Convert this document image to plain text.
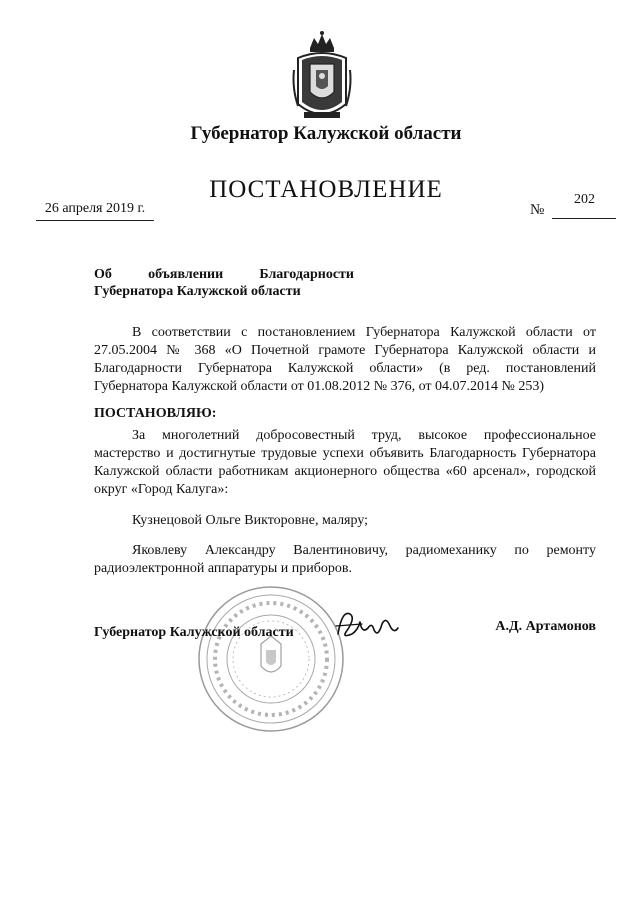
Губернатор Калужской области
ПОСТАНОВЛЕНИЕ
26 апреля 2019 г.	№
202
Об объявлении Благодарности
Губернатора Калужской области
В соответствии с постановлением Губернатора Калужской области от 27.05.2004 № 368 «О Почетной грамоте Губернатора Калужской области и Благодарности Губернатора Калужской области» (в ред. постановлений Губернатора Калужской области от 01.08.2012 № 376, от 04.07.2014 № 253)
ПОСТАНОВЛЯЮ:
За многолетний добросовестный труд, высокое профессиональное мастерство и достигнутые трудовые успехи объявить Благодарность Губернатора Калужской области работникам акционерного общества «60 арсенал», городской округ «Город Калуга»:
Кузнецовой Ольге Викторовне, маляру;
Яковлеву Александру Валентиновичу, радиомеханику по ремонту радиоэлектронной аппаратуры и приборов.
Губернатор Калужской области	А.Д. Артамонов
